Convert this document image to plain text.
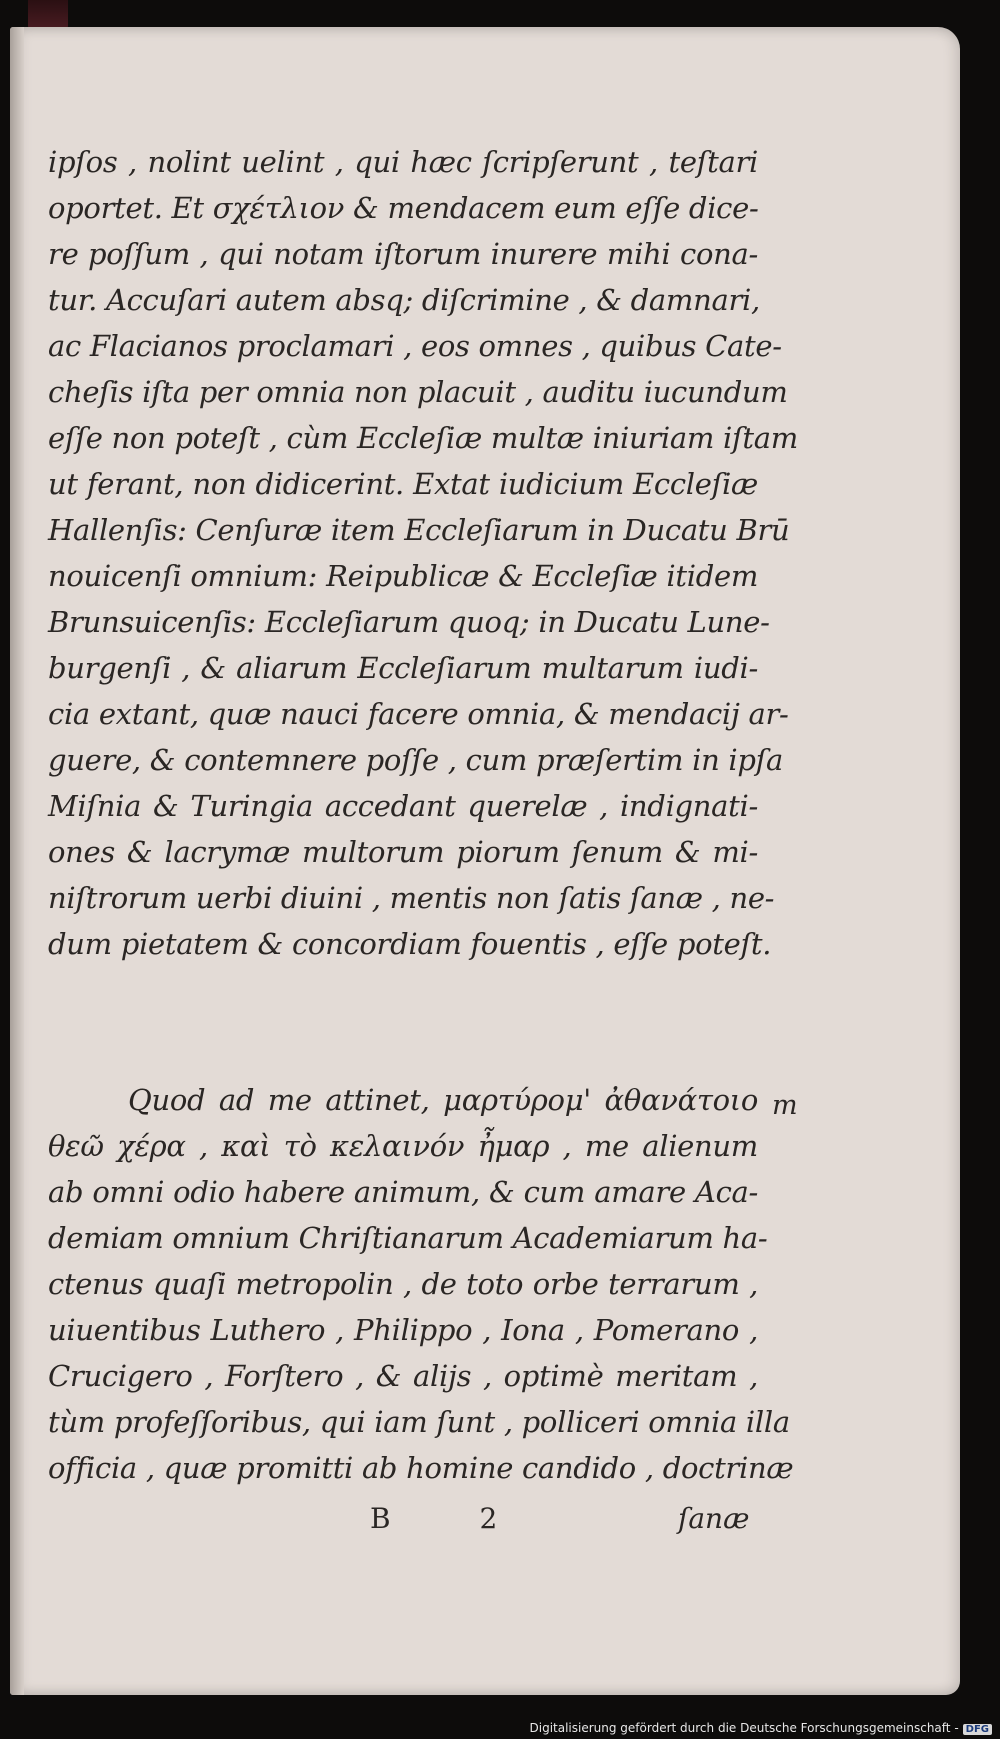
ipſos , nolint uelint , qui hæc ſcripſerunt , teſtari
oportet. Et σχέτλιον & mendacem eum eſſe dice-
re poſſum , qui notam iſtorum inurere mihi cona-
tur. Accuſari autem absq; diſcrimine , & damnari,
ac Flacianos proclamari , eos omnes , quibus Cate-
cheſis iſta per omnia non placuit , auditu iucundum
eſſe non poteſt , cùm Eccleſiæ multæ iniuriam iſtam
ut ferant, non didicerint. Extat iudicium Eccleſiæ
Hallenſis: Cenſuræ item Eccleſiarum in Ducatu Brū
nouicenſi omnium: Reipublicæ & Eccleſiæ itidem
Brunsuicenſis: Eccleſiarum quoq; in Ducatu Lune-
burgenſi , & aliarum Eccleſiarum multarum iudi-
cia extant, quæ nauci facere omnia, & mendacij ar-
guere, & contemnere poſſe , cum præſertim in ipſa
Miſnia & Turingia accedant querelæ , indignati-
ones & lacrymæ multorum piorum ſenum & mi-
niſtrorum uerbi diuini , mentis non ſatis ſanæ , ne-
dum pietatem & concordiam fouentis , eſſe poteſt.
Quod ad me attinet, μαρτύρομ' ἀθανάτοιο
θεῶ χέρα , καὶ τὸ κελαινόν ἦμαρ , me alienum
ab omni odio habere animum, & cum amare Aca-
demiam omnium Chriſtianarum Academiarum ha-
ctenus quaſi metropolin , de toto orbe terrarum ,
uiuentibus Luthero , Philippo , Iona , Pomerano ,
Crucigero , Forſtero , & alijs , optimè meritam ,
tùm profeſſoribus, qui iam ſunt , polliceri omnia illa
officia , quæ promitti ab homine candido , doctrinæ
m
B 2	ſanæ
Digitalisierung gefördert durch die Deutsche Forschungsgemeinschaft - DFG
